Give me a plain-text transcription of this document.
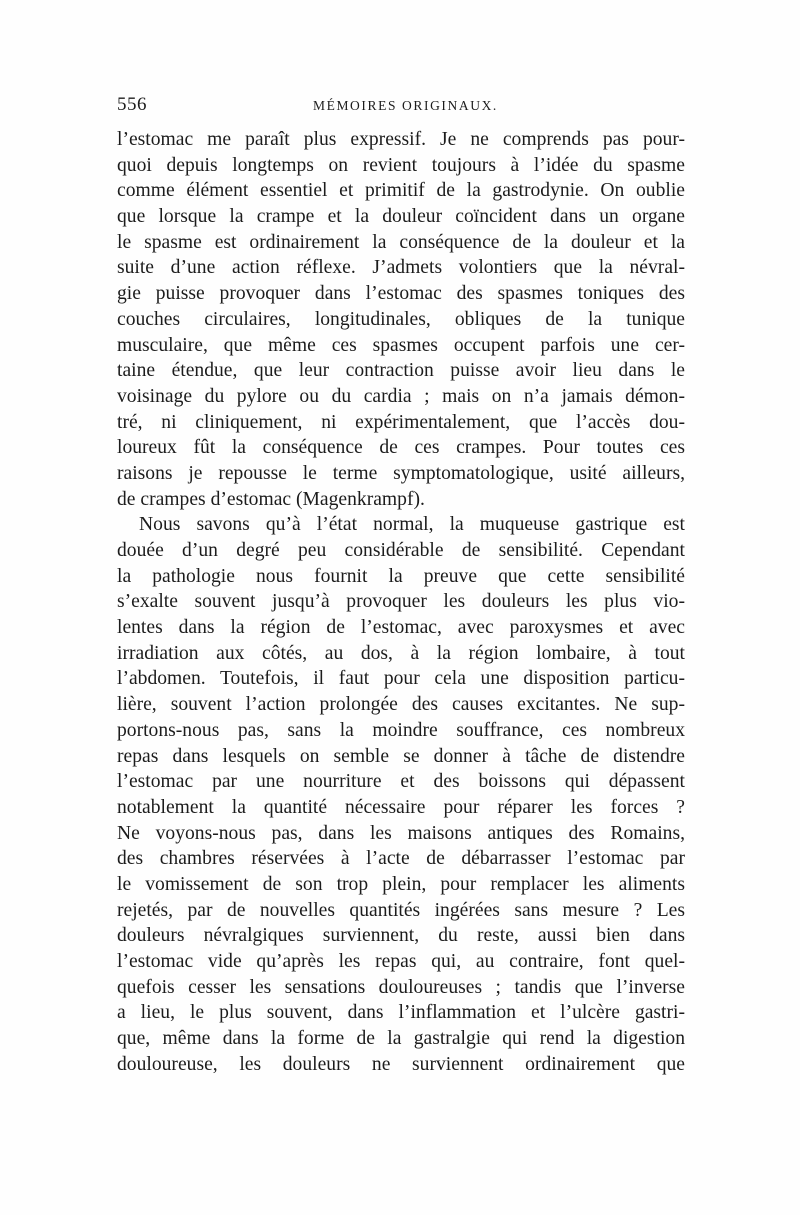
556	MÉMOIRES ORIGINAUX.
l’estomac me paraît plus expressif. Je ne comprends pas pour-
quoi depuis longtemps on revient toujours à l’idée du spasme
comme élément essentiel et primitif de la gastrodynie. On oublie
que lorsque la crampe et la douleur coïncident dans un organe
le spasme est ordinairement la conséquence de la douleur et la
suite d’une action réflexe. J’admets volontiers que la névral-
gie puisse provoquer dans l’estomac des spasmes toniques des
couches circulaires, longitudinales, obliques de la tunique
musculaire, que même ces spasmes occupent parfois une cer-
taine étendue, que leur contraction puisse avoir lieu dans le
voisinage du pylore ou du cardia ; mais on n’a jamais démon-
tré, ni cliniquement, ni expérimentalement, que l’accès dou-
loureux fût la conséquence de ces crampes. Pour toutes ces
raisons je repousse le terme symptomatologique, usité ailleurs,
de crampes d’estomac (Magenkrampf).
Nous savons qu’à l’état normal, la muqueuse gastrique est
douée d’un degré peu considérable de sensibilité. Cependant
la pathologie nous fournit la preuve que cette sensibilité
s’exalte souvent jusqu’à provoquer les douleurs les plus vio-
lentes dans la région de l’estomac, avec paroxysmes et avec
irradiation aux côtés, au dos, à la région lombaire, à tout
l’abdomen. Toutefois, il faut pour cela une disposition particu-
lière, souvent l’action prolongée des causes excitantes. Ne sup-
portons-nous pas, sans la moindre souffrance, ces nombreux
repas dans lesquels on semble se donner à tâche de distendre
l’estomac par une nourriture et des boissons qui dépassent
notablement la quantité nécessaire pour réparer les forces ?
Ne voyons-nous pas, dans les maisons antiques des Romains,
des chambres réservées à l’acte de débarrasser l’estomac par
le vomissement de son trop plein, pour remplacer les aliments
rejetés, par de nouvelles quantités ingérées sans mesure ? Les
douleurs névralgiques surviennent, du reste, aussi bien dans
l’estomac vide qu’après les repas qui, au contraire, font quel-
quefois cesser les sensations douloureuses ; tandis que l’inverse
a lieu, le plus souvent, dans l’inflammation et l’ulcère gastri-
que, même dans la forme de la gastralgie qui rend la digestion
douloureuse, les douleurs ne surviennent ordinairement que
